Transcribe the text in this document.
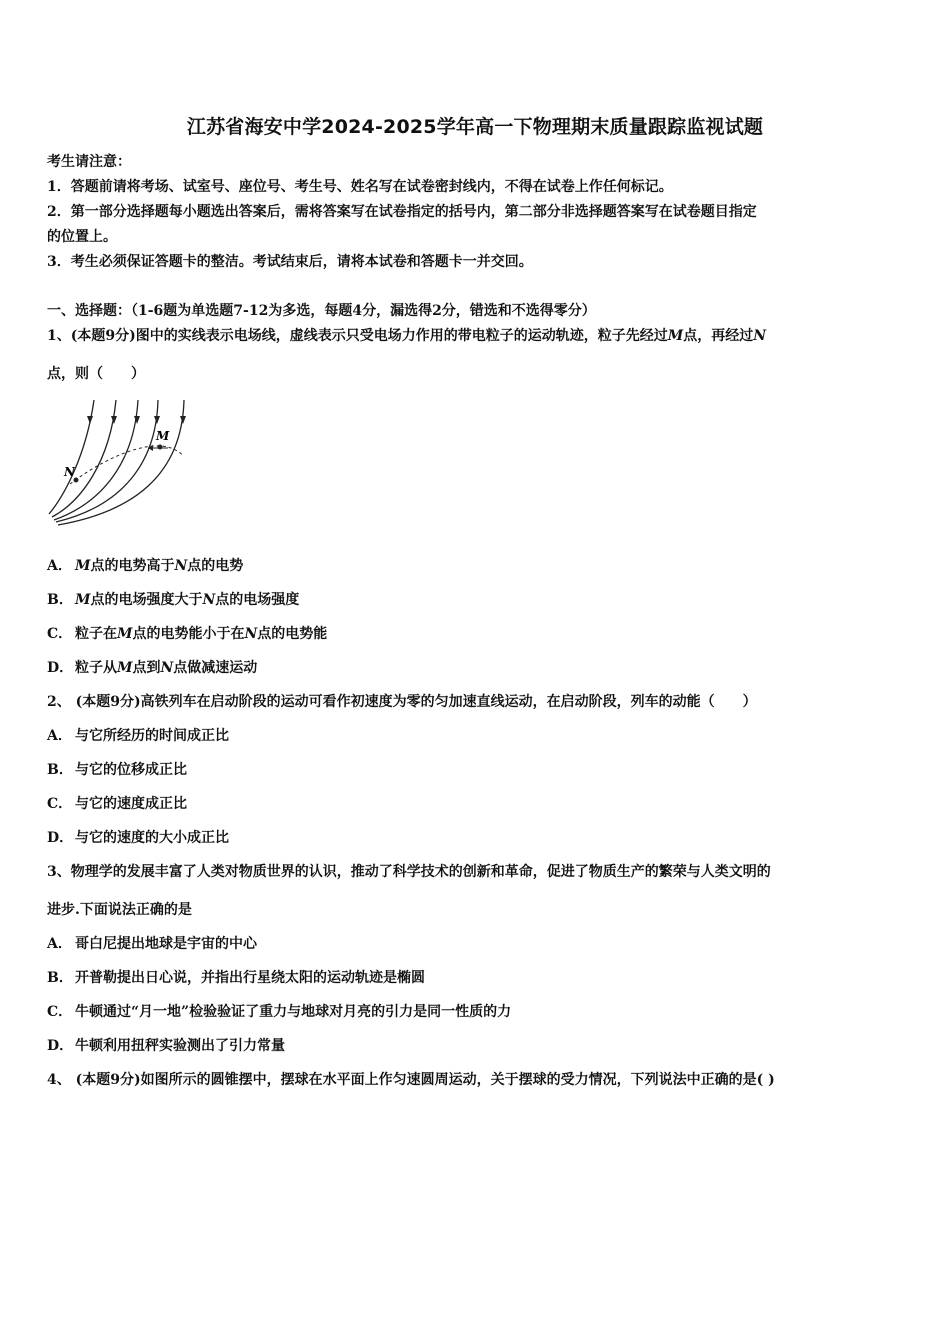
江苏省海安中学2024-2025学年高一下物理期末质量跟踪监视试题
考生请注意：
1．答题前请将考场、试室号、座位号、考生号、姓名写在试卷密封线内，不得在试卷上作任何标记。
2．第一部分选择题每小题选出答案后，需将答案写在试卷指定的括号内，第二部分非选择题答案写在试卷题目指定
的位置上。
3．考生必须保证答题卡的整洁。考试结束后，请将本试卷和答题卡一并交回。
一、选择题：（1-6题为单选题7-12为多选，每题4分，漏选得2分，错选和不选得零分）
1、(本题9分)图中的实线表示电场线，虚线表示只受电场力作用的带电粒子的运动轨迹，粒子先经过M点，再经过N
点，则（　　）
M
N
A． M点的电势高于N点的电势
B． M点的电场强度大于N点的电场强度
C． 粒子在M点的电势能小于在N点的电势能
D． 粒子从M点到N点做减速运动
2、 (本题9分)高铁列车在启动阶段的运动可看作初速度为零的匀加速直线运动，在启动阶段，列车的动能（　　）
A． 与它所经历的时间成正比
B． 与它的位移成正比
C． 与它的速度成正比
D． 与它的速度的大小成正比
3、物理学的发展丰富了人类对物质世界的认识，推动了科学技术的创新和革命，促进了物质生产的繁荣与人类文明的
进步.下面说法正确的是
A． 哥白尼提出地球是宇宙的中心
B． 开普勒提出日心说，并指出行星绕太阳的运动轨迹是椭圆
C． 牛顿通过“月一地”检验验证了重力与地球对月亮的引力是同一性质的力
D． 牛顿利用扭秤实验测出了引力常量
4、 (本题9分)如图所示的圆锥摆中，摆球在水平面上作匀速圆周运动，关于摆球的受力情况，下列说法中正确的是( )
